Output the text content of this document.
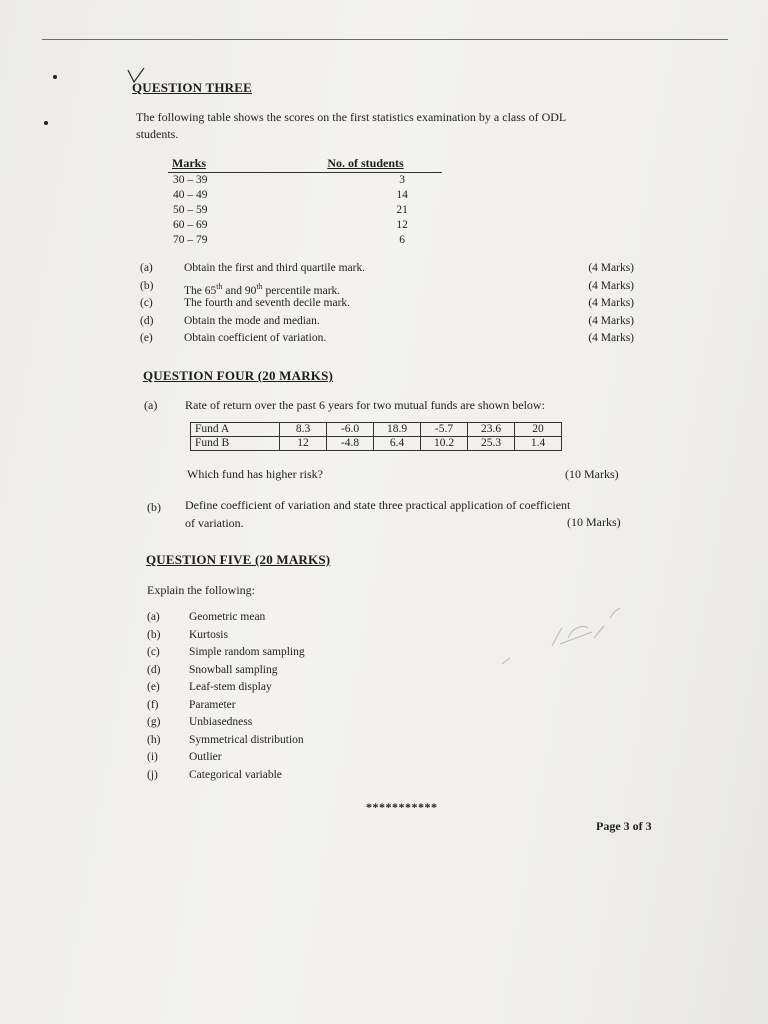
QUESTION THREE
The following table shows the scores on the first statistics examination by a class of ODL
students.
Marks	No. of students
30 – 39	3
40 – 49	14
50 – 59	21
60 – 69	12
70 – 79	6
(a)	Obtain the first and third quartile mark.	(4 Marks)
(b)	The 65th and 90th percentile mark.	(4 Marks)
(c)	The fourth and seventh decile mark.	(4 Marks)
(d)	Obtain the mode and median.	(4 Marks)
(e)	Obtain coefficient of variation.	(4 Marks)
QUESTION FOUR (20 MARKS)
(a) Rate of return over the past 6 years for two mutual funds are shown below:
Fund A	8.3	-6.0	18.9	-5.7	23.6	20
Fund B	12	-4.8	6.4	10.2	25.3	1.4
Which fund has higher risk?	(10 Marks)
(b) Define coefficient of variation and state three practical application of coefficient
of variation.	(10 Marks)
QUESTION FIVE (20 MARKS)
Explain the following:
(a)	Geometric mean
(b)	Kurtosis
(c)	Simple random sampling
(d)	Snowball sampling
(e)	Leaf-stem display
(f)	Parameter
(g)	Unbiasedness
(h)	Symmetrical distribution
(i)	Outlier
(j)	Categorical variable
***********
Page 3 of 3
